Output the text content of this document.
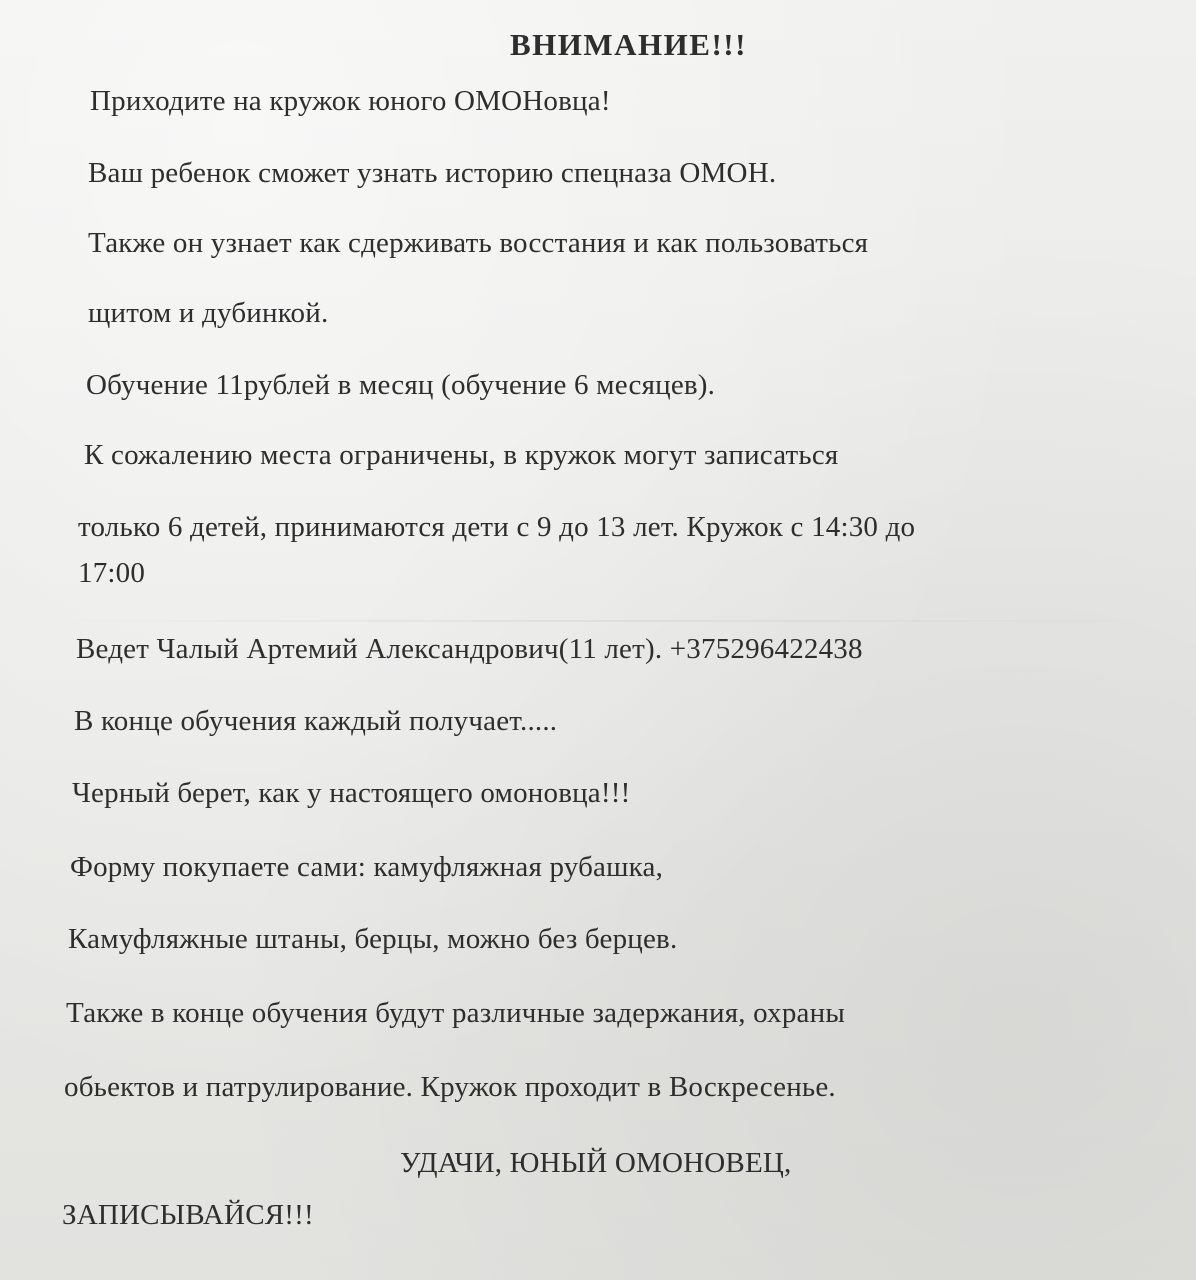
ВНИМАНИЕ!!!

Приходите на кружок юного ОМОНовца!

Ваш ребенок сможет узнать историю спецназа ОМОН.

Также он узнает как сдерживать восстания и как пользоваться

щитом и дубинкой.

Обучение 11рублей в месяц (обучение 6 месяцев).

К сожалению места ограничены, в кружок могут записаться

только 6 детей, принимаются дети с 9 до 13 лет. Кружок с 14:30 до

17:00

Ведет Чалый Артемий Александрович(11 лет). +375296422438

В конце обучения каждый получает.....

Черный берет, как у настоящего омоновца!!!

Форму покупаете сами: камуфляжная рубашка,

Камуфляжные штаны, берцы, можно без берцев.

Также в конце обучения будут различные задержания, охраны

обьектов и патрулирование. Кружок проходит в Воскресенье.

УДАЧИ, ЮНЫЙ ОМОНОВЕЦ,

ЗАПИСЫВАЙСЯ!!!
